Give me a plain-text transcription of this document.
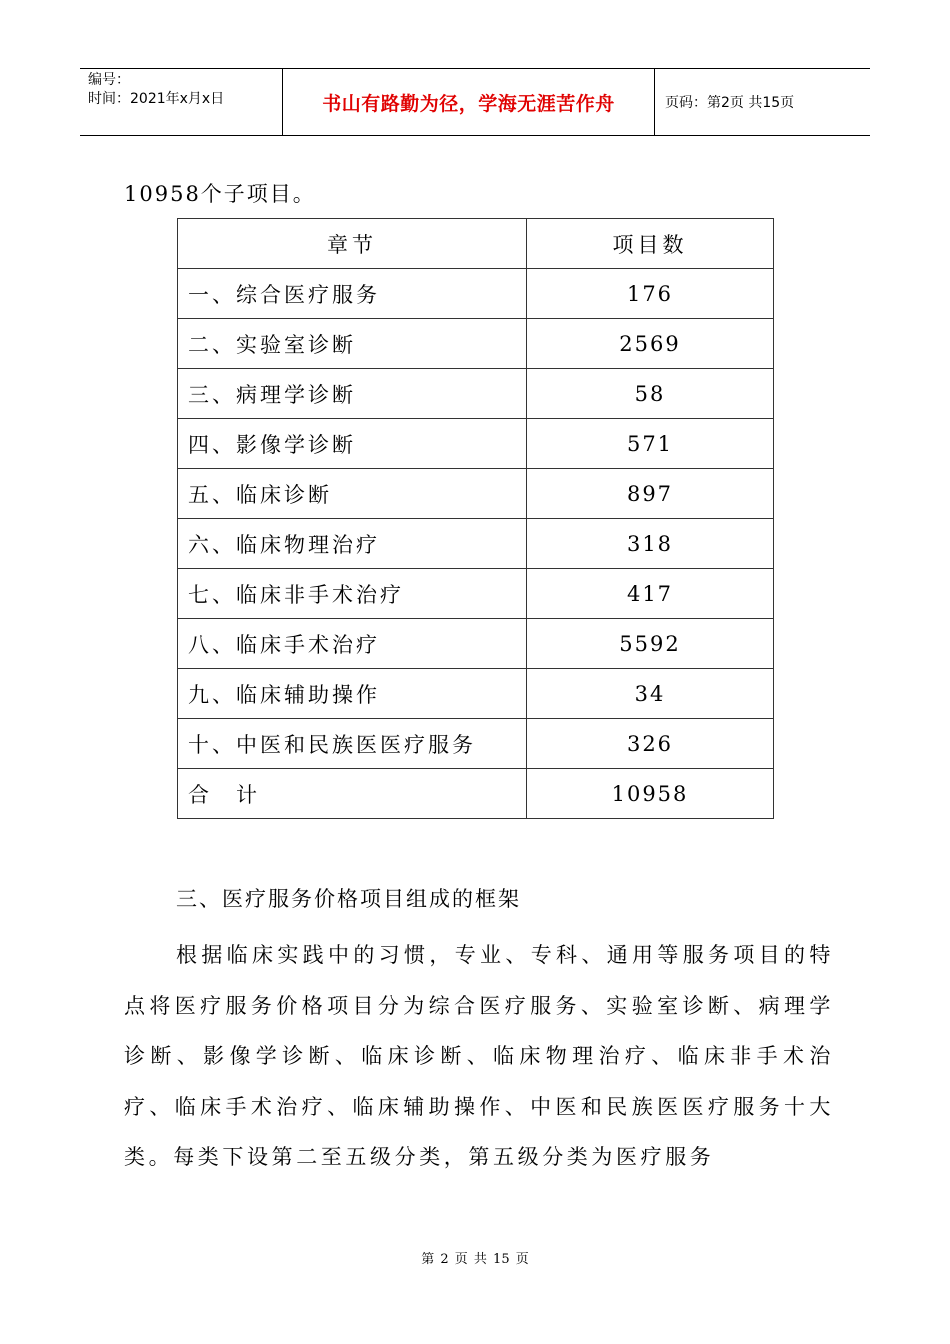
编号：
时间：2021年x月x日	书山有路勤为径，学海无涯苦作舟	页码：第2页 共15页
10958个子项目。
章节	项目数
一、综合医疗服务	176
二、实验室诊断	2569
三、病理学诊断	58
四、影像学诊断	571
五、临床诊断	897
六、临床物理治疗	318
七、临床非手术治疗	417
八、临床手术治疗	5592
九、临床辅助操作	34
十、中医和民族医医疗服务	326
合　计	10958
三、医疗服务价格项目组成的框架
根据临床实践中的习惯，专业、专科、通用等服务项目的特点将医疗服务价格项目分为综合医疗服务、实验室诊断、病理学诊断、影像学诊断、临床诊断、临床物理治疗、临床非手术治疗、临床手术治疗、临床辅助操作、中医和民族医医疗服务十大类。每类下设第二至五级分类，第五级分类为医疗服务
第 2 页 共 15 页
